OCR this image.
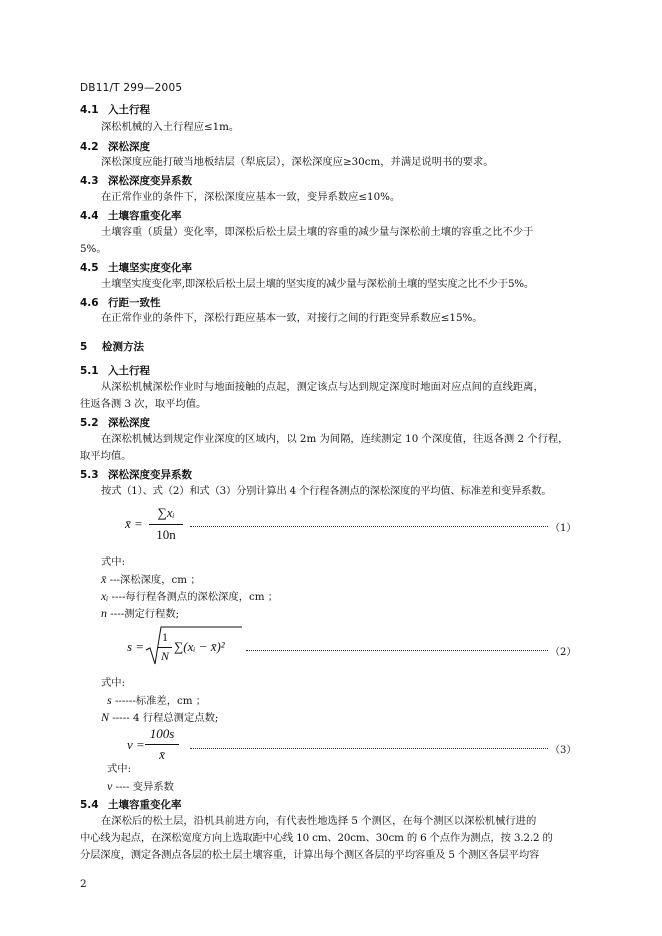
DB11/T 299—2005
4.1 入土行程
深松机械的入土行程应≤1m。
4.2 深松深度
深松深度应能打破当地板结层（犁底层），深松深度应≥30cm，并满足说明书的要求。
4.3 深松深度变异系数
在正常作业的条件下，深松深度应基本一致，变异系数应≤10%。
4.4 土壤容重变化率
土壤容重（质量）变化率，即深松后松土层土壤的容重的减少量与深松前土壤的容重之比不少于
5%。
4.5 土壤坚实度变化率
土壤坚实度变化率,即深松后松土层土壤的坚实度的减少量与深松前土壤的坚实度之比不少于5%。
4.6 行距一致性
在正常作业的条件下，深松行距应基本一致，对接行之间的行距变异系数应≤15%。
5 检测方法
5.1 入土行程
从深松机械深松作业时与地面接触的点起，测定该点与达到规定深度时地面对应点间的直线距离，
往返各测 3 次，取平均值。
5.2 深松深度
在深松机械达到规定作业深度的区域内，以 2m 为间隔，连续测定 10 个深度值，往返各测 2 个行程，
取平均值。
5.3 深松深度变异系数
按式（1）、式（2）和式（3）分别计算出 4 个行程各测点的深松深度的平均值、标准差和变异系数。
x̄ =
∑xᵢ
10n	（1）
式中:
x̄ ---深松深度，cm ；
xᵢ ----每行程各测点的深松深度，cm ；
n ----测定行程数;
s =
1
N
∑(xᵢ − x̄)²	（2）
式中:
s ------标准差，cm ；
N ----- 4 行程总测定点数;
v =
100s
x̄	（3）
式中:
v ---- 变异系数
5.4 土壤容重变化率
在深松后的松土层，沿机具前进方向，有代表性地选择 5 个测区，在每个测区以深松机械行进的
中心线为起点，在深松宽度方向上选取距中心线 10 cm、20cm、30cm 的 6 个点作为测点，按 3.2.2 的
分层深度，测定各测点各层的松土层土壤容重，计算出每个测区各层的平均容重及 5 个测区各层平均容
2
